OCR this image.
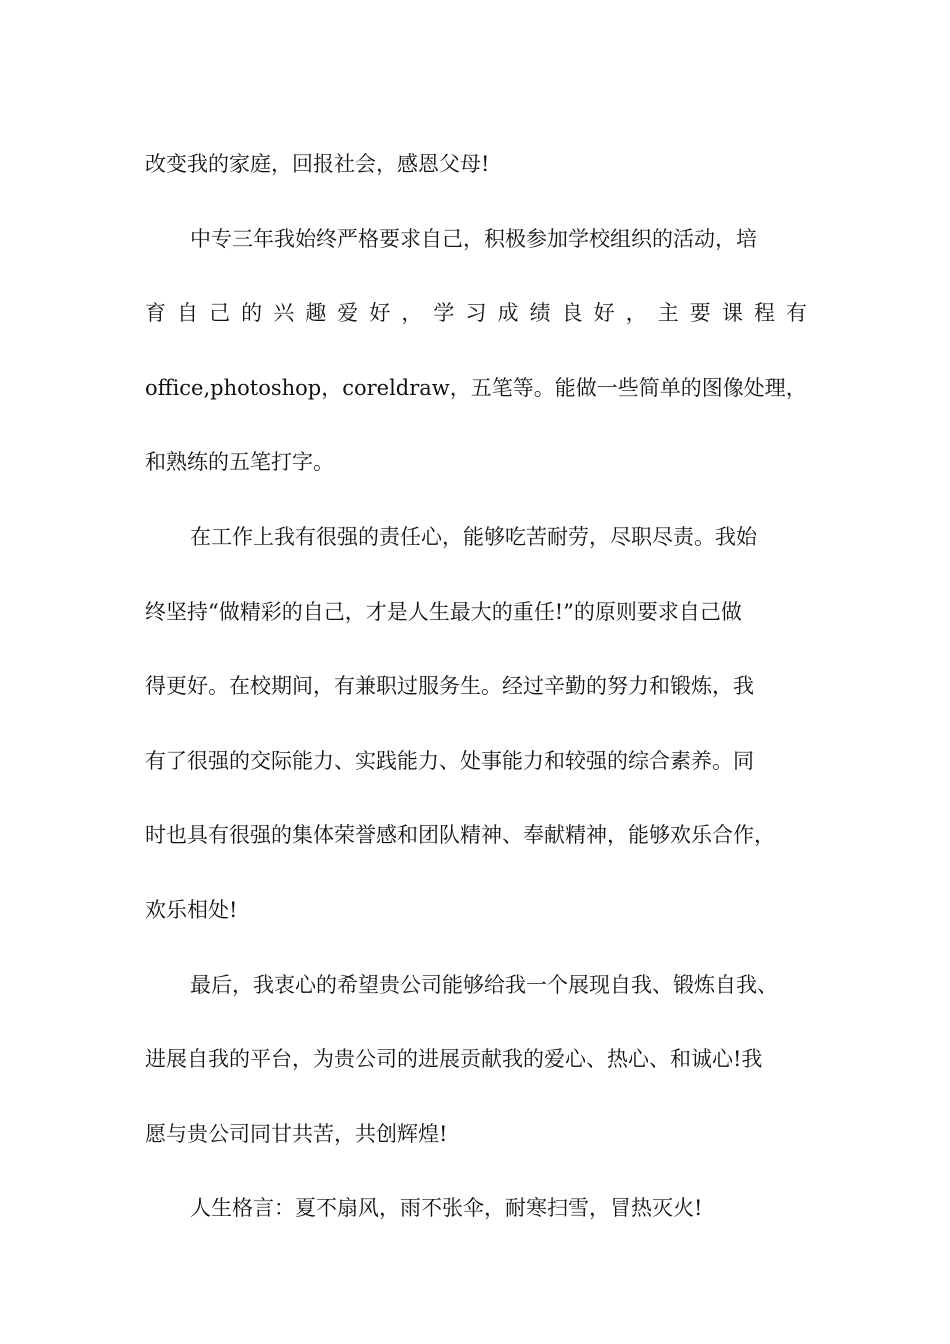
改变我的家庭，回报社会，感恩父母!
中专三年我始终严格要求自己，积极参加学校组织的活动，培
育 自 己 的 兴 趣 爱 好 ， 学 习 成 绩 良 好 ， 主 要 课 程 有
office,photoshop，coreldraw，五笔等。能做一些简单的图像处理，
和熟练的五笔打字。
在工作上我有很强的责任心，能够吃苦耐劳，尽职尽责。我始
终坚持“做精彩的自己，才是人生最大的重任!”的原则要求自己做
得更好。在校期间，有兼职过服务生。经过辛勤的努力和锻炼，我
有了很强的交际能力、实践能力、处事能力和较强的综合素养。同
时也具有很强的集体荣誉感和团队精神、奉献精神，能够欢乐合作，
欢乐相处!
最后，我衷心的希望贵公司能够给我一个展现自我、锻炼自我、
进展自我的平台，为贵公司的进展贡献我的爱心、热心、和诚心!我
愿与贵公司同甘共苦，共创辉煌!
人生格言：夏不扇风，雨不张伞，耐寒扫雪，冒热灭火!
